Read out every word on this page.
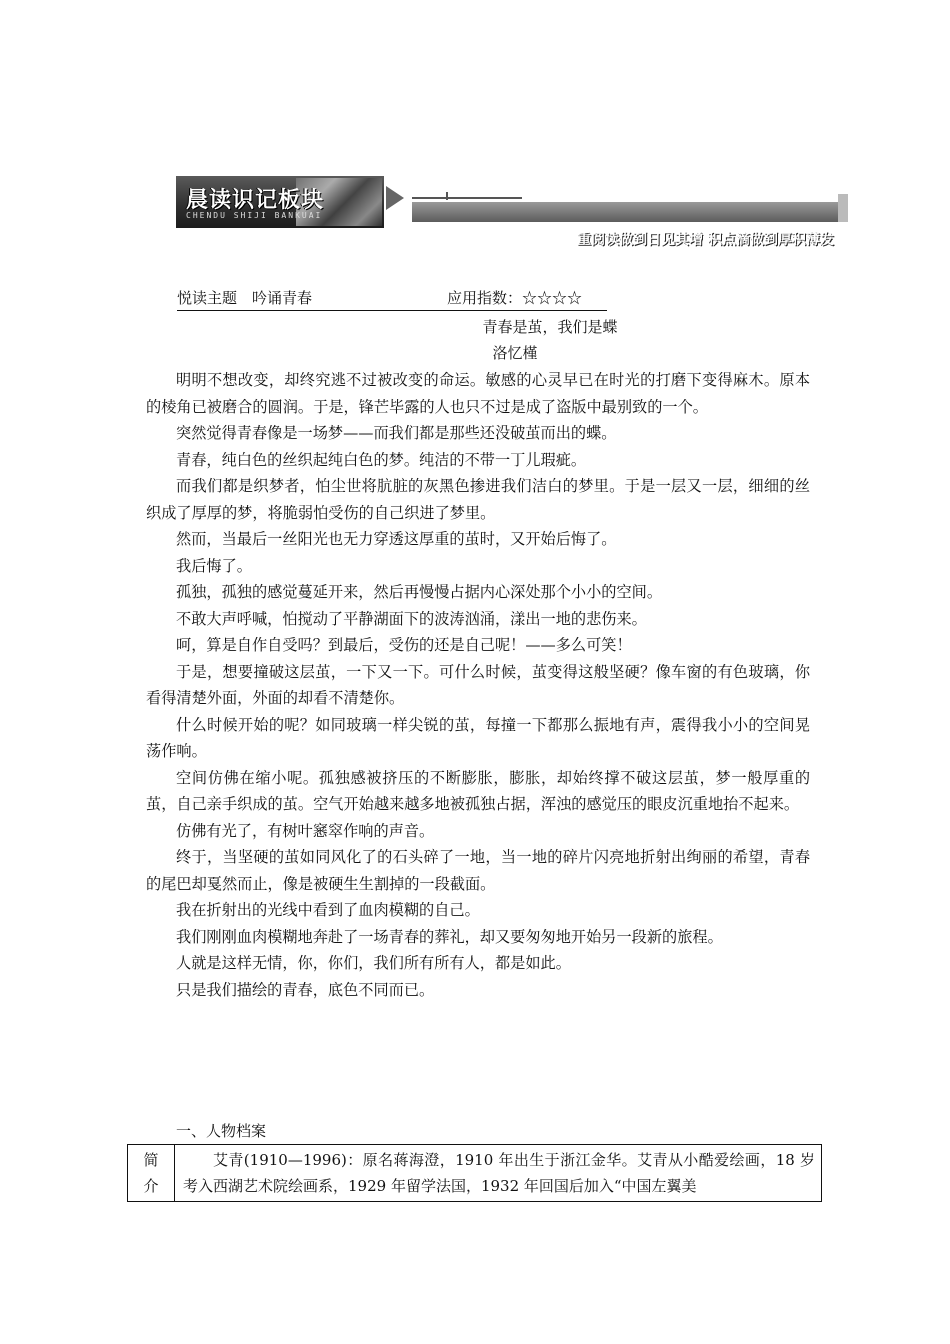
晨读识记板块
CHENDU SHIJI BANKUAI
重阅读做到日见其增 积点滴做到厚积薄发
悦读主题　 吟诵青春	应用指数：☆☆☆☆
青春是茧，我们是蝶
洛忆槿

明明不想改变，却终究逃不过被改变的命运。敏感的心灵早已在时光的打磨下变得麻木。原本的棱角已被磨合的圆润。于是，锋芒毕露的人也只不过是成了盗版中最别致的一个。

突然觉得青春像是一场梦——而我们都是那些还没破茧而出的蝶。

青春，纯白色的丝织起纯白色的梦。纯洁的不带一丁儿瑕疵。

而我们都是织梦者，怕尘世将肮脏的灰黑色掺进我们洁白的梦里。于是一层又一层，细细的丝织成了厚厚的梦，将脆弱怕受伤的自己织进了梦里。

然而，当最后一丝阳光也无力穿透这厚重的茧时，又开始后悔了。

我后悔了。

孤独，孤独的感觉蔓延开来，然后再慢慢占据内心深处那个小小的空间。

不敢大声呼喊，怕搅动了平静湖面下的波涛汹涌，漾出一地的悲伤来。

呵，算是自作自受吗？到最后，受伤的还是自己呢！——多么可笑！

于是，想要撞破这层茧，一下又一下。可什么时候，茧变得这般坚硬？像车窗的有色玻璃，你看得清楚外面，外面的却看不清楚你。

什么时候开始的呢？如同玻璃一样尖锐的茧，每撞一下都那么振地有声，震得我小小的空间晃荡作响。

空间仿佛在缩小呢。孤独感被挤压的不断膨胀，膨胀，却始终撑不破这层茧，梦一般厚重的茧，自己亲手织成的茧。空气开始越来越多地被孤独占据，浑浊的感觉压的眼皮沉重地抬不起来。

仿佛有光了，有树叶窸窣作响的声音。

终于，当坚硬的茧如同风化了的石头碎了一地，当一地的碎片闪亮地折射出绚丽的希望，青春的尾巴却戛然而止，像是被硬生生割掉的一段截面。

我在折射出的光线中看到了血肉模糊的自己。

我们刚刚血肉模糊地奔赴了一场青春的葬礼，却又要匆匆地开始另一段新的旅程。

人就是这样无情，你，你们，我们所有所有人，都是如此。

只是我们描绘的青春，底色不同而已。

一、人物档案
简介

艾青(1910—1996)：原名蒋海澄，1910 年出生于浙江金华。艾青从小酷爱绘画，18 岁考入西湖艺术院绘画系，1929 年留学法国，1932 年回国后加入“中国左翼美
